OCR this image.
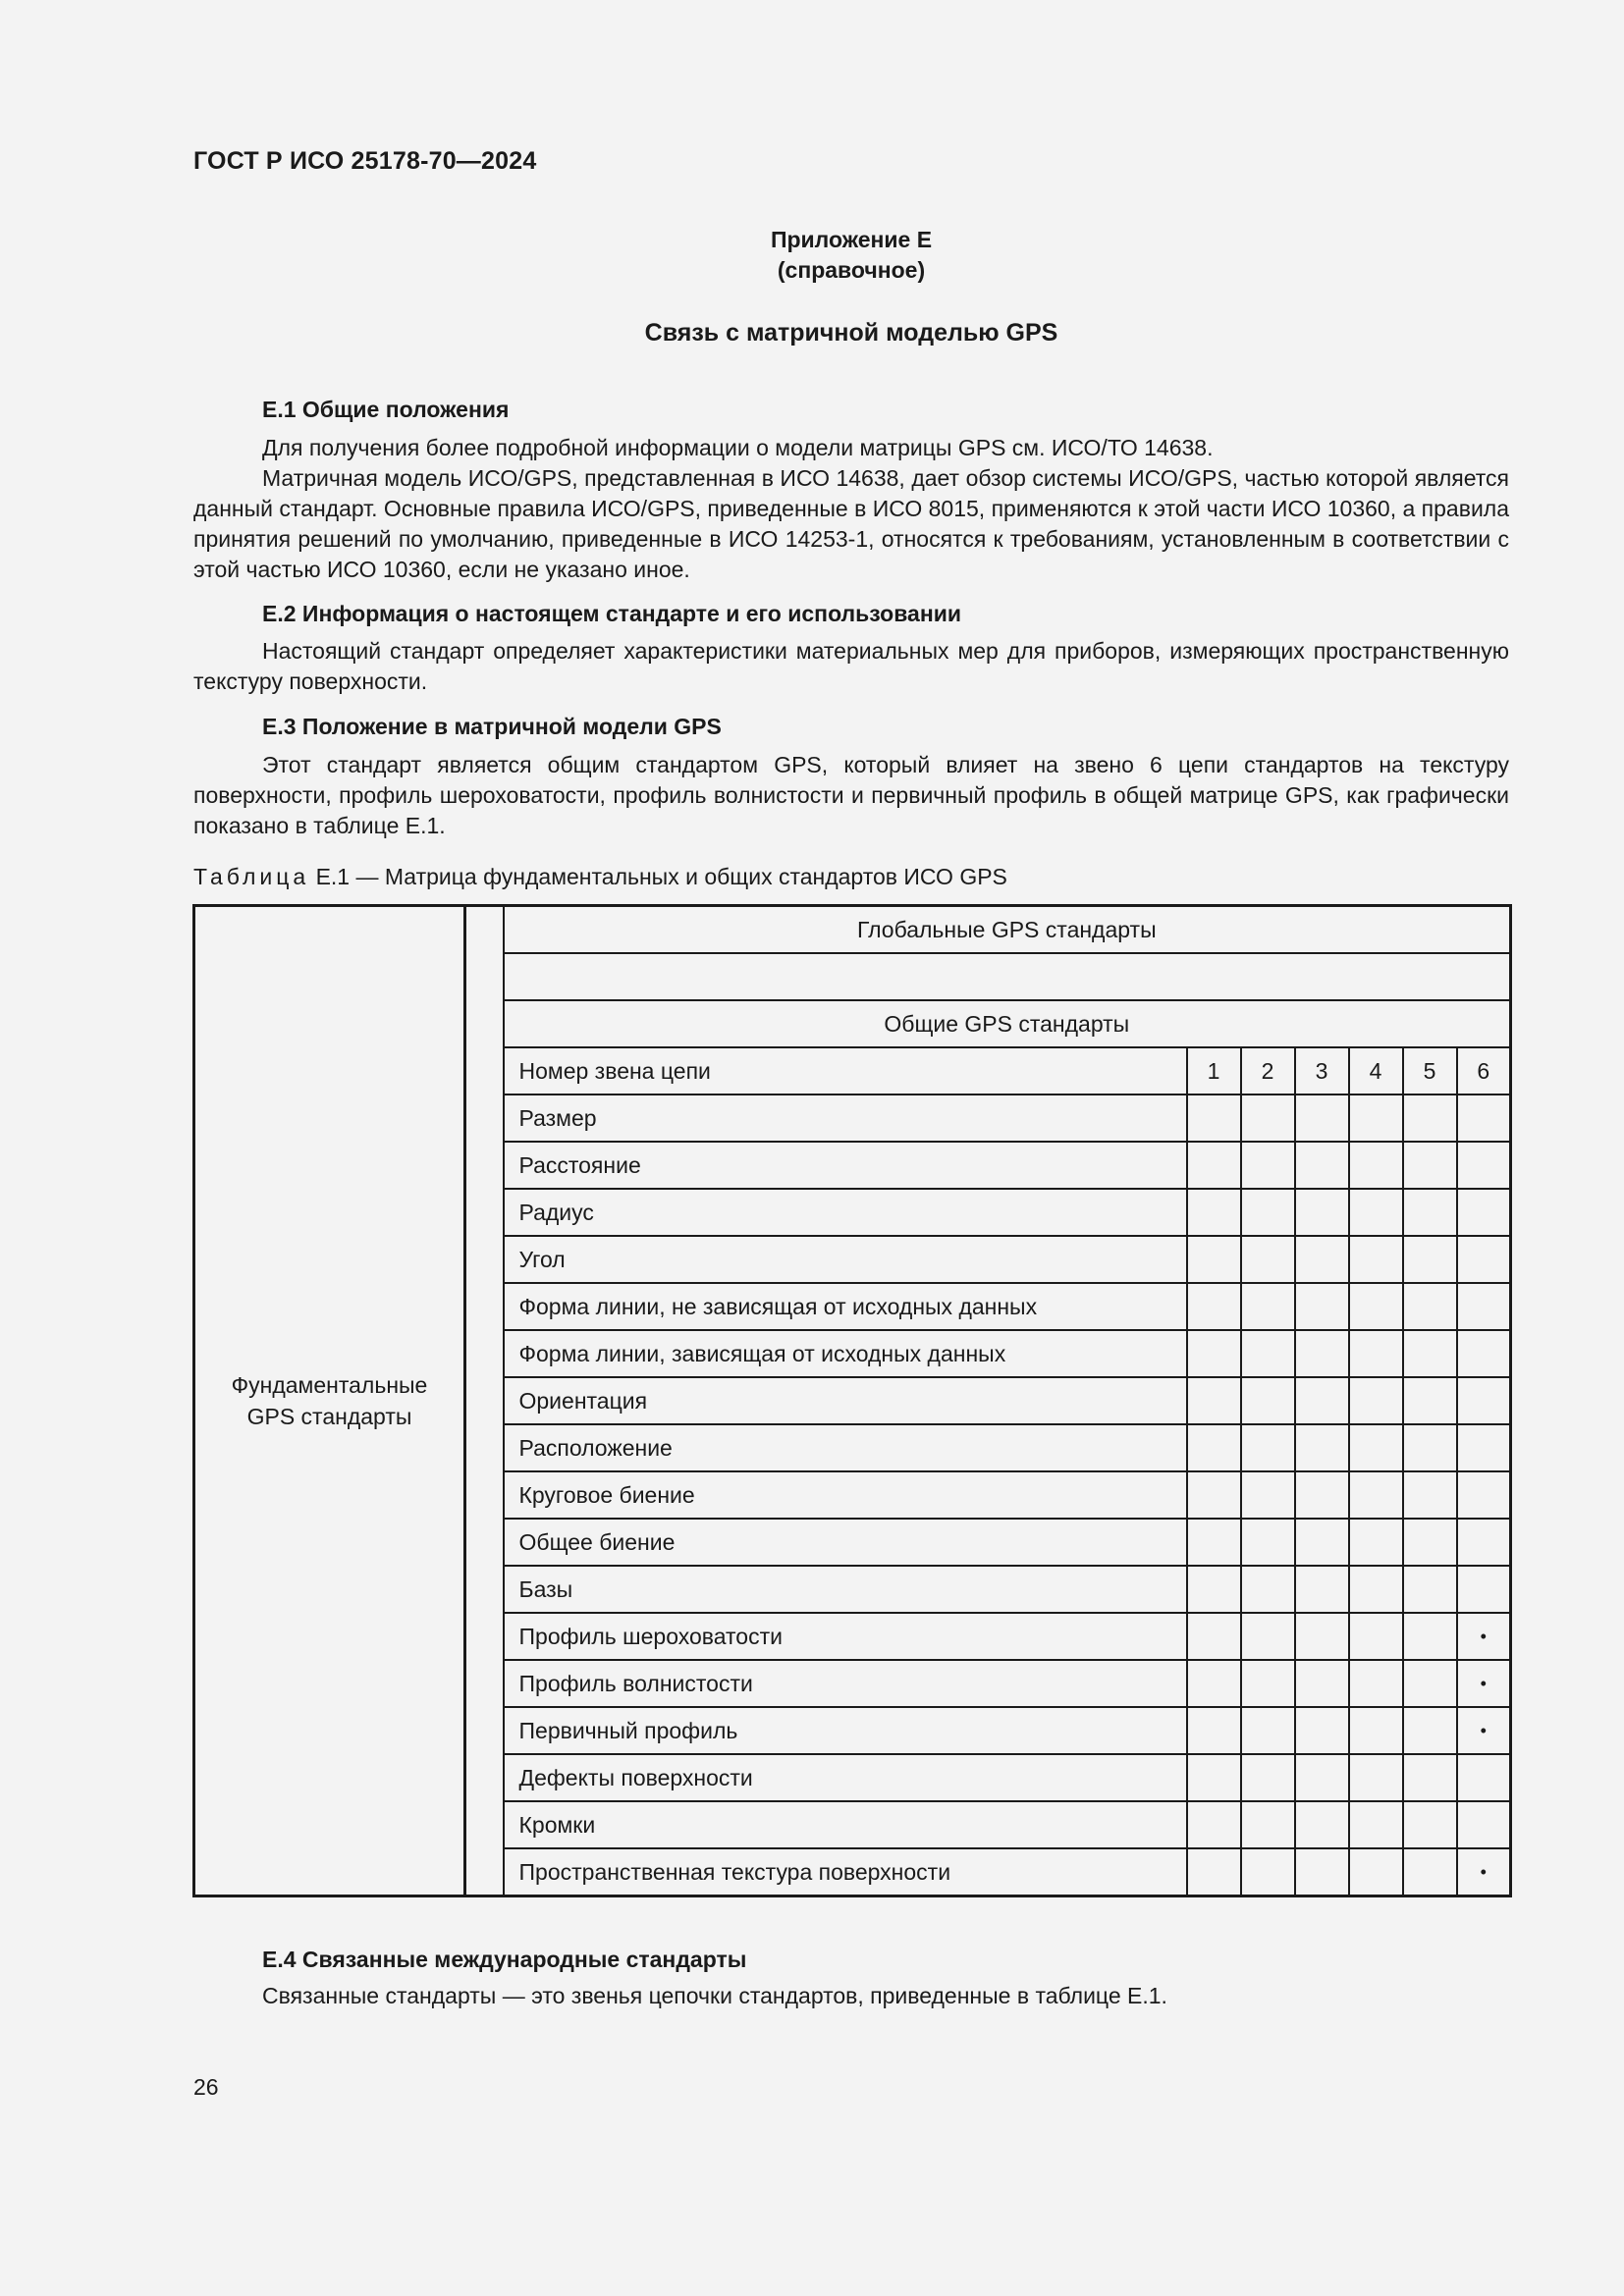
ГОСТ Р ИСО 25178-70—2024
Приложение Е
(справочное)
Связь с матричной моделью GPS
Е.1 Общие положения
Для получения более подробной информации о модели матрицы GPS см. ИСО/ТО 14638.
Матричная модель ИСО/GPS, представленная в ИСО 14638, дает обзор системы ИСО/GPS, частью которой является данный стандарт. Основные правила ИСО/GPS, приведенные в ИСО 8015, применяются к этой части ИСО 10360, а правила принятия решений по умолчанию, приведенные в ИСО 14253-1, относятся к требованиям, установленным в соответствии с этой частью ИСО 10360, если не указано иное.
Е.2 Информация о настоящем стандарте и его использовании
Настоящий стандарт определяет характеристики материальных мер для приборов, измеряющих пространственную текстуру поверхности.
Е.3 Положение в матричной модели GPS
Этот стандарт является общим стандартом GPS, который влияет на звено 6 цепи стандартов на текстуру поверхности, профиль шероховатости, профиль волнистости и первичный профиль в общей матрице GPS, как графически показано в таблице Е.1.
Таблица Е.1 — Матрица фундаментальных и общих стандартов ИСО GPS
Фундаментальные
GPS стандарты		Глобальные GPS стандарты						

		Общие GPS стандарты						
		Номер звена цепи	1	2	3	4	5	6
		Размер						
		Расстояние						
		Радиус						
		Угол						
		Форма линии, не зависящая от исходных данных						
		Форма линии, зависящая от исходных данных						
		Ориентация						
		Расположение						
		Круговое биение						
		Общее биение						
		Базы						
		Профиль шероховатости						•
		Профиль волнистости						•
		Первичный профиль						•
		Дефекты поверхности						
		Кромки						
		Пространственная текстура поверхности						•
Е.4 Связанные международные стандарты
Связанные стандарты — это звенья цепочки стандартов, приведенные в таблице Е.1.
26
